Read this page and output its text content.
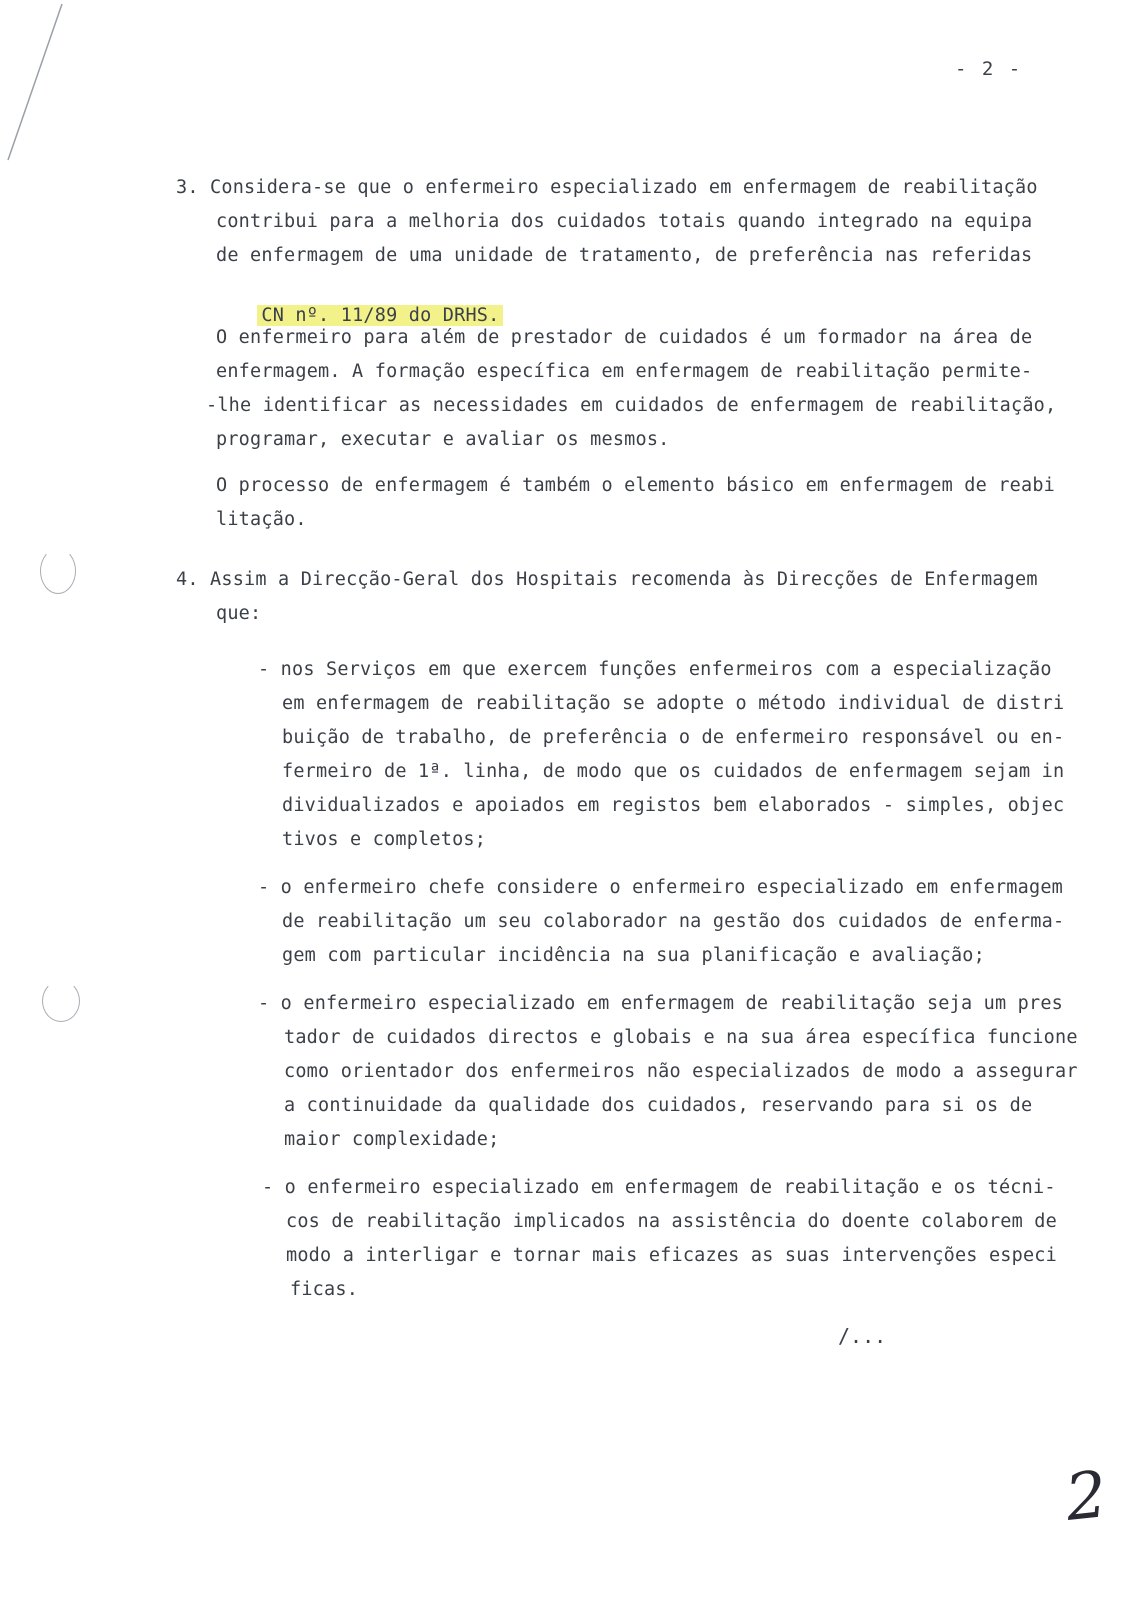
- 2 -
3. Considera-se que o enfermeiro especializado em enfermagem de reabilitação
contribui para a melhoria dos cuidados totais quando integrado na equipa
de enfermagem de uma unidade de tratamento, de preferência nas referidas

CN nº. 11/89 do DRHS.

O enfermeiro para além de prestador de cuidados é um formador na área de
enfermagem. A formação específica em enfermagem de reabilitação permite-
-lhe identificar as necessidades em cuidados de enfermagem de reabilitação,
programar, executar e avaliar os mesmos.
O processo de enfermagem é também o elemento básico em enfermagem de reabi
litação.
4. Assim a Direcção-Geral dos Hospitais recomenda às Direcções de Enfermagem
que:
- nos Serviços em que exercem funções enfermeiros com a especialização
em enfermagem de reabilitação se adopte o método individual de distri
buição de trabalho, de preferência o de enfermeiro responsável ou en-
fermeiro de 1ª. linha, de modo que os cuidados de enfermagem sejam in
dividualizados e apoiados em registos bem elaborados - simples, objec
tivos e completos;
- o enfermeiro chefe considere o enfermeiro especializado em enfermagem
de reabilitação um seu colaborador na gestão dos cuidados de enferma-
gem com particular incidência na sua planificação e avaliação;
- o enfermeiro especializado em enfermagem de reabilitação seja um pres
tador de cuidados directos e globais e na sua área específica funcione
como orientador dos enfermeiros não especializados de modo a assegurar
a continuidade da qualidade dos cuidados, reservando para si os de
maior complexidade;
- o enfermeiro especializado em enfermagem de reabilitação e os técni-
cos de reabilitação implicados na assistência do doente colaborem de
modo a interligar e tornar mais eficazes as suas intervenções especi
ficas.
/...
2
